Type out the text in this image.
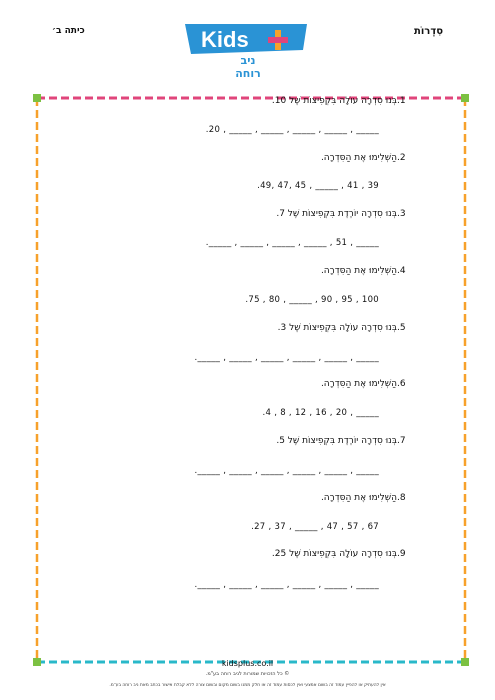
כיתה ב׳	סִדְרוֹת
Kids
ניב רוחה
1.בְּנוּ סִדְרָה עוֹלָה בִּקְפִיצוֹת שֶׁל 10.
_____ , _____ , _____ , _____ , _____ , 20.
2.הַשְׁלִימוּ אֶת הַסִּדְרָה.
39 , 41 , _____ , 45 ,47 ,49.
3.בְּנוּ סִדְרָה יוֹרֶדֶת בִּקְפִיצוֹת שֶׁל 7.
_____ , 51 , _____ , _____ , _____ , _____.
4.הַשְׁלִימוּ אֶת הַסִּדְרָה.
100 , 95 , 90 , _____ , 80 , 75.
5.בְּנוּ סִדְרָה עוֹלָה בִּקְפִיצוֹת שֶׁל 3.
_____ , _____ , _____ , _____ , _____ , _____.
6.הַשְׁלִימוּ אֶת הַסִּדְרָה.
_____ , 20 , 16 , 12 , 8 , 4.
7.בְּנוּ סִדְרָה יוֹרֶדֶת בִּקְפִיצוֹת שֶׁל 5.
_____ , _____ , _____ , _____ , _____ , _____.
8.הַשְׁלִימוּ אֶת הַסִּדְרָה.
67 , 57 , 47 , _____ , 37 , 27.
9.בְּנוּ סִדְרָה עוֹלָה בִּקְפִיצוֹת שֶׁל 25.
_____ , _____ , _____ , _____ , _____ , _____.
kidsplus.co.il
© כל הזכויות שמורות לניב רוחה בע"מ.
אין להעתיק או להפיץ עמוד זה בשום אמצעי ואין לכסות עמוד זה או חלק ממנו בשום מקום ובשום צורה ללא קבלת אישור בכתב מאת ניב רוחה בע"מ.
